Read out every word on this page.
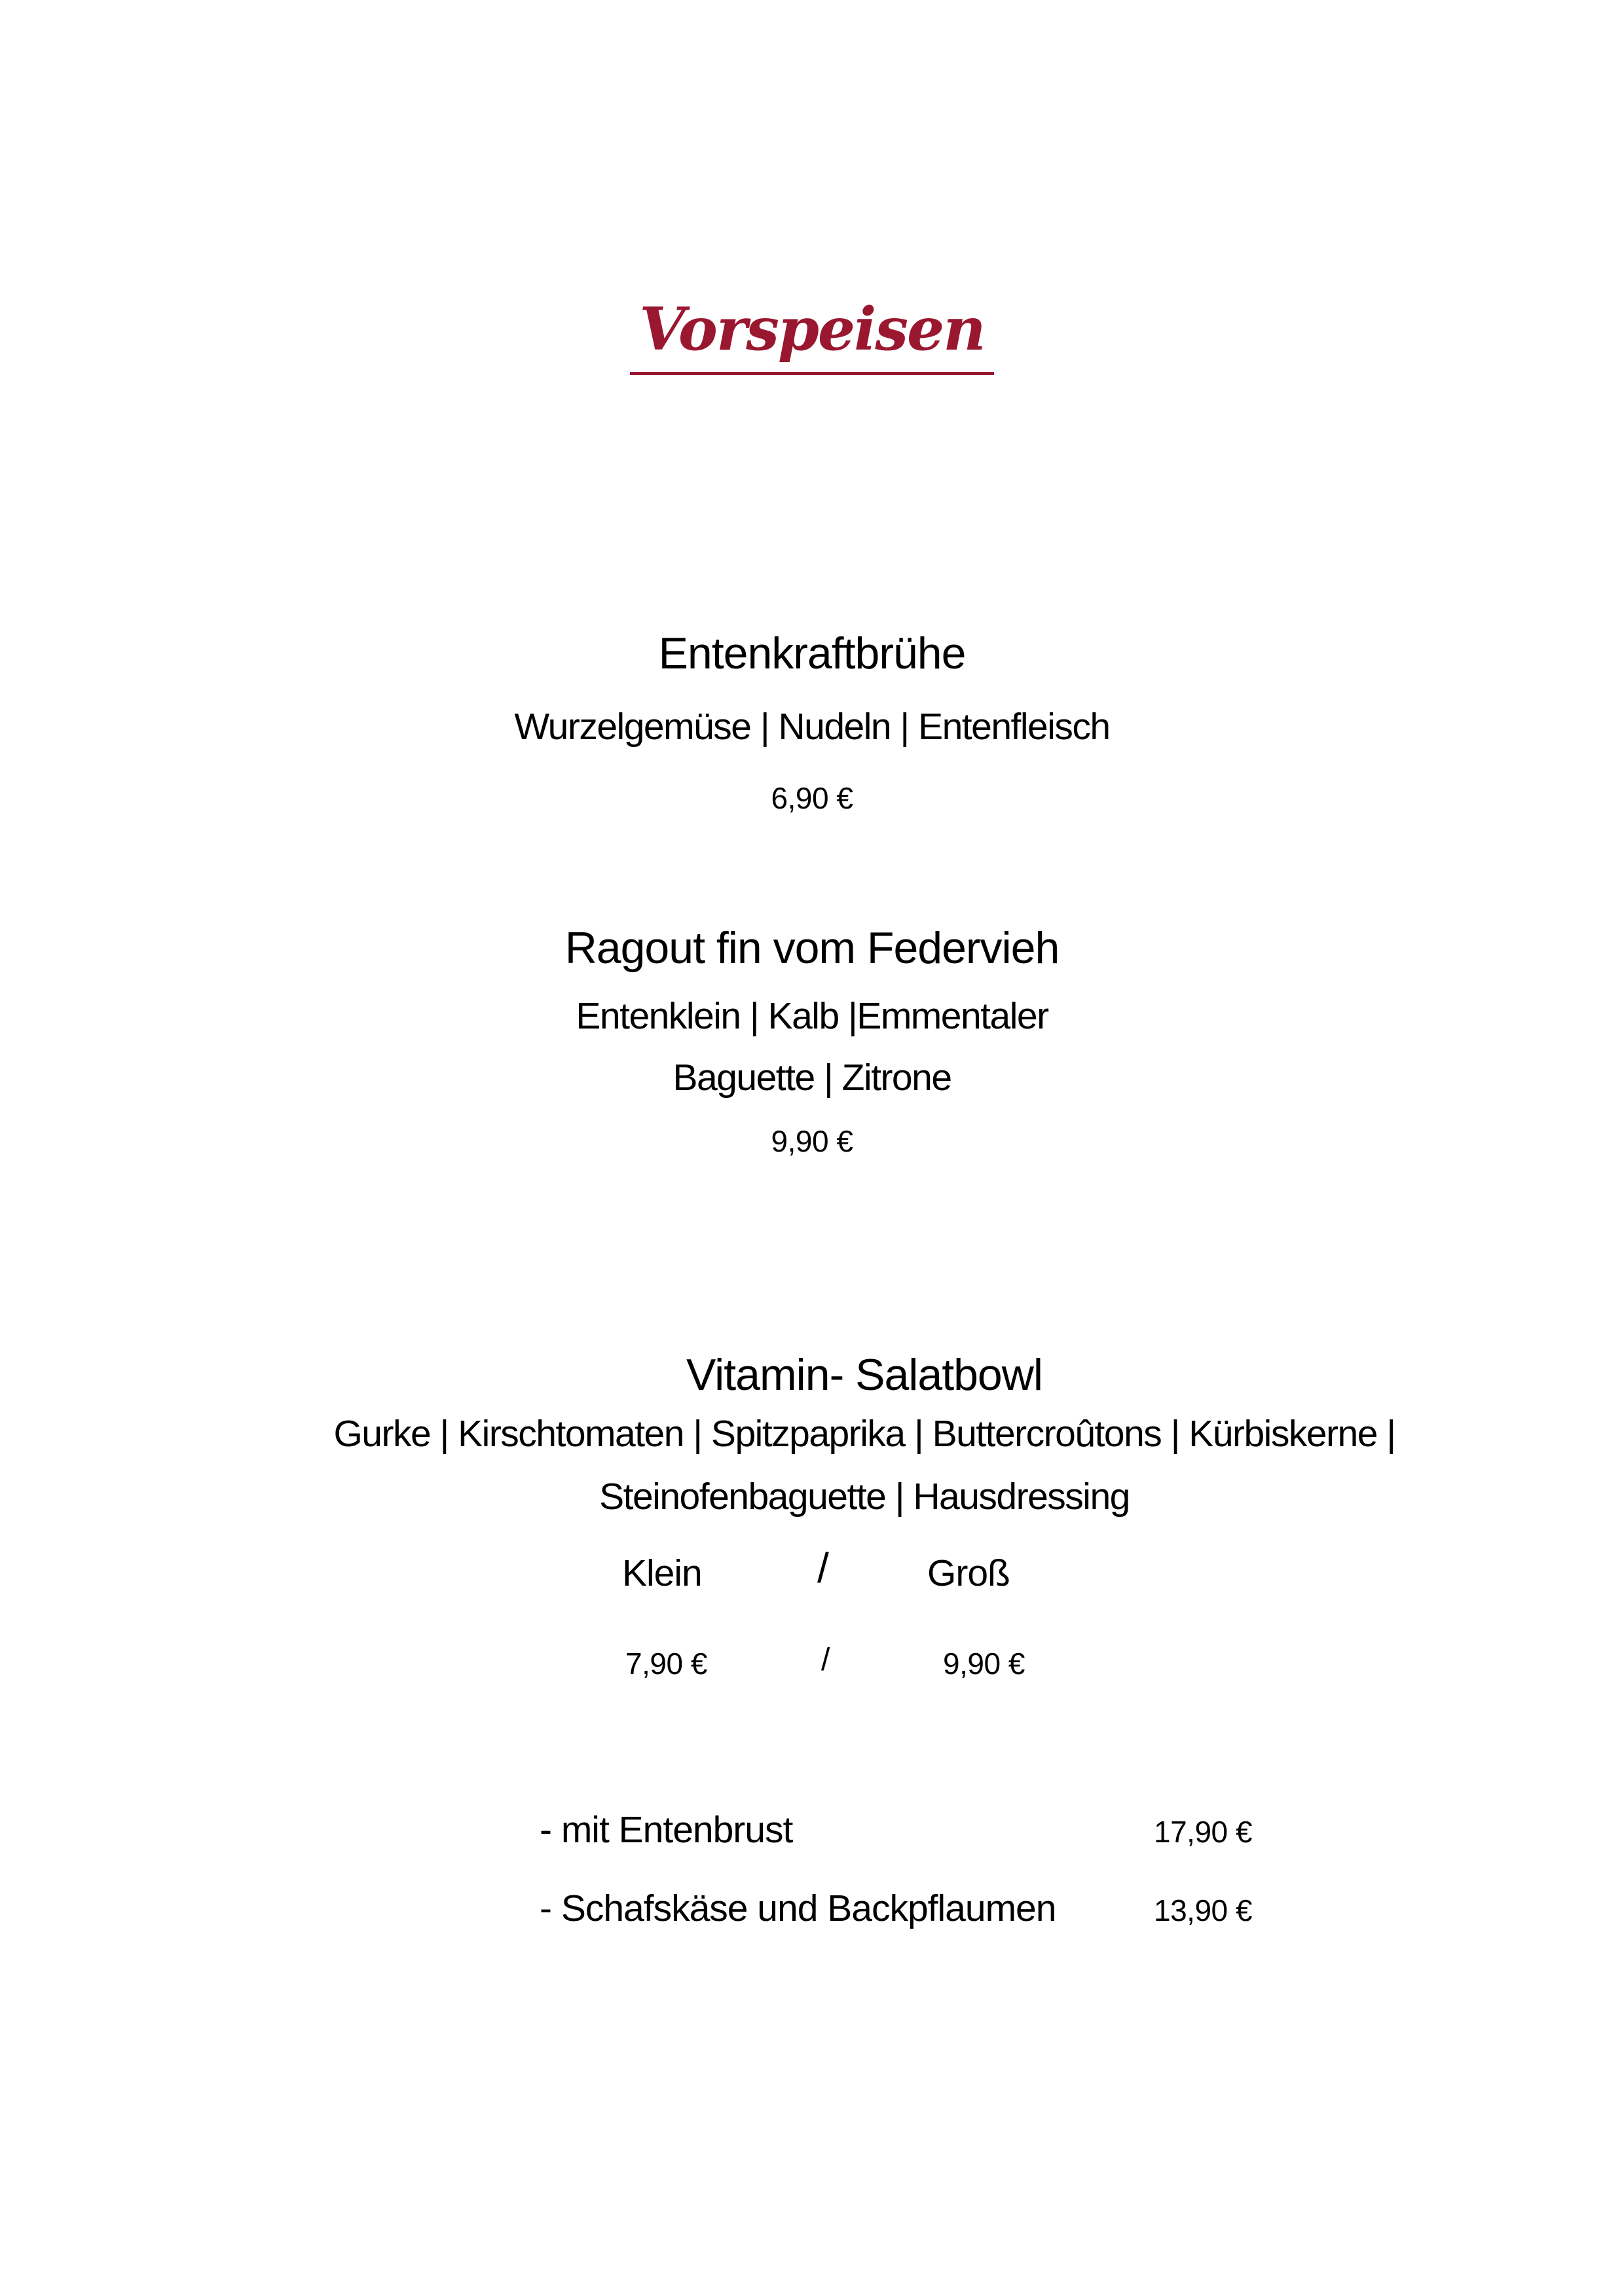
Vorspeisen
Entenkraftbrühe
Wurzelgemüse | Nudeln | Entenfleisch
6,90 €
Ragout fin vom Federvieh
Entenklein | Kalb |Emmentaler
Baguette | Zitrone
9,90 €
Vitamin- Salatbowl
Gurke | Kirschtomaten | Spitzpaprika | Buttercroûtons | Kürbiskerne |
Steinofenbaguette | Hausdressing
Klein	/	Groß
7,90 €	/	9,90 €
- mit Entenbrust	17,90 €
- Schafskäse und Backpflaumen	13,90 €
